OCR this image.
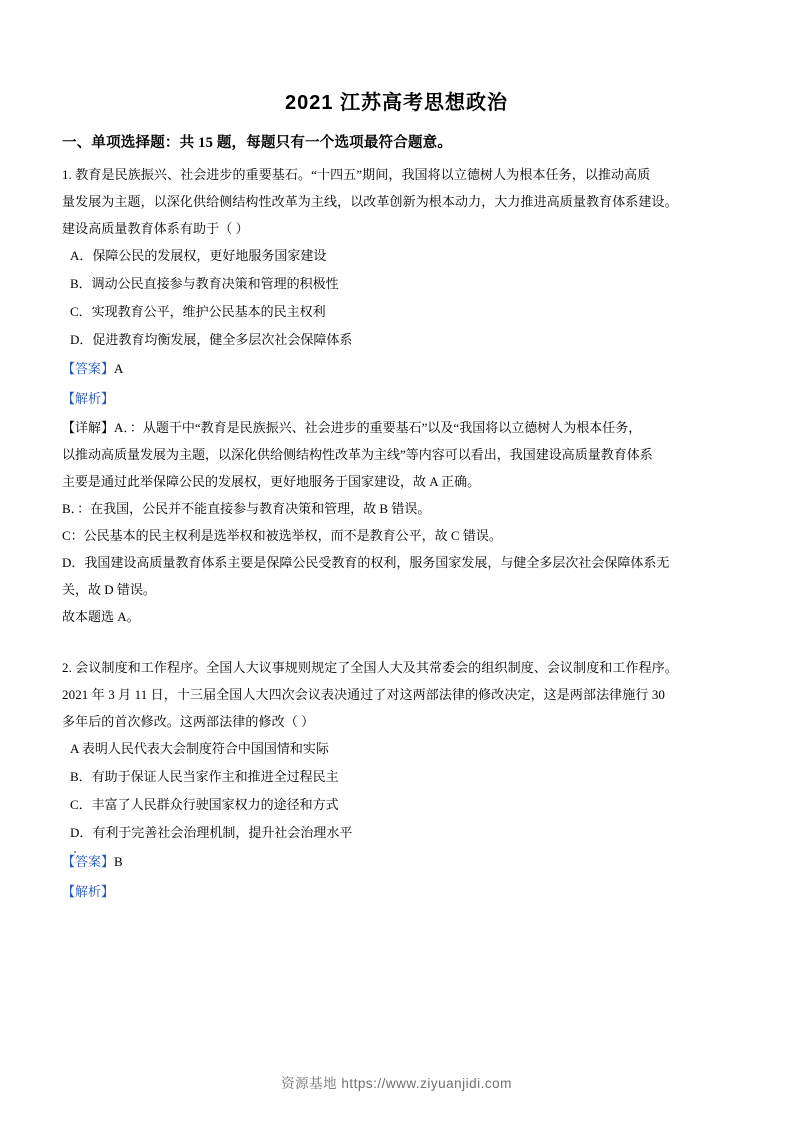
2021 江苏高考思想政治
一、单项选择题：共 15 题，每题只有一个选项最符合题意。

1. 教育是民族振兴、社会进步的重要基石。“十四五”期间，我国将以立德树人为根本任务，以推动高质

量发展为主题，以深化供给侧结构性改革为主线，以改革创新为根本动力，大力推进高质量教育体系建设。

建设高质量教育体系有助于（ ）

A．保障公民的发展权，更好地服务国家建设

B．调动公民直接参与教育决策和管理的积极性

C．实现教育公平，维护公民基本的民主权利

D．促进教育均衡发展，健全多层次社会保障体系

【答案】A

【解析】

【详解】A．：从题干中“教育是民族振兴、社会进步的重要基石”以及“我国将以立德树人为根本任务，

以推动高质量发展为主题，以深化供给侧结构性改革为主线”等内容可以看出，我国建设高质量教育体系

主要是通过此举保障公民的发展权，更好地服务于国家建设，故 A 正确。

B．：在我国，公民并不能直接参与教育决策和管理，故 B 错误。

C：公民基本的民主权利是选举权和被选举权，而不是教育公平，故 C 错误。

D．我国建设高质量教育体系主要是保障公民受教育的权利，服务国家发展，与健全多层次社会保障体系无

关，故 D 错误。

故本题选 A。

2. 会议制度和工作程序。全国人大议事规则规定了全国人大及其常委会的组织制度、会议制度和工作程序。

2021 年 3 月 11 日，十三届全国人大四次会议表决通过了对这两部法律的修改决定，这是两部法律施行 30

多年后的首次修改。这两部法律的修改（ ）

A 表明人民代表大会制度符合中国国情和实际

B．有助于保证人民当家作主和推进全过程民主

C．丰富了人民群众行驶国家权力的途径和方式

D．有利于完善社会治理机制，提升社会治理水平

【答案】B

【解析】

资源基地 https://www.ziyuanjidi.com
